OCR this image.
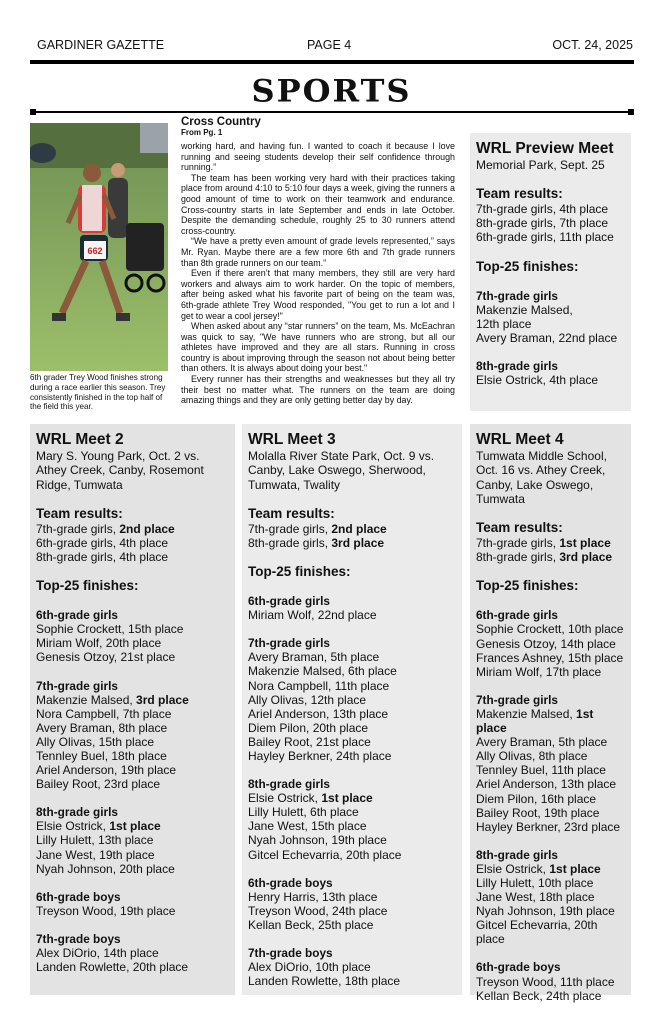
GARDINER GAZETTE	PAGE 4	OCT. 24, 2025
SPORTS
662
6th grader Trey Wood finishes strong during a race earlier this season. Trey consistently finished in the top half of the field this year.
Cross Country
From Pg. 1

working hard, and having fun. I wanted to coach it because I love running and seeing students develop their self confidence through running.”

The team has been working very hard with their practices taking place from around 4:10 to 5:10 four days a week, giving the runners a good amount of time to work on their teamwork and endurance. Cross-country starts in late September and ends in late October. Despite the demanding schedule, roughly 25 to 30 runners attend cross-country.

“We have a pretty even amount of grade levels represented,” says Mr. Ryan. Maybe there are a few more 6th and 7th grade runners than 8th grade runners on our team.”

Even if there aren’t that many members, they still are very hard workers and always aim to work harder. On the topic of members, after being asked what his favorite part of being on the team was, 6th-grade athlete Trey Wood responded, "You get to run a lot and I get to wear a cool jersey!"

When asked about any “star runners” on the team, Ms. McEachran was quick to say, "We have runners who are strong, but all our athletes have improved and they are all stars. Running in cross country is about improving through the season not about being better than others. It is always about doing your best."

Every runner has their strengths and weaknesses but they all try their best no matter what. The runners on the team are doing amazing things and they are only getting better day by day.

WRL Preview Meet
Memorial Park, Sept. 25
Team results:
7th-grade girls, 4th place
8th-grade girls, 7th place
6th-grade girls, 11th place
Top-25 finishes:
7th-grade girls
Makenzie Malsed,
12th place
Avery Braman, 22nd place
8th-grade girls
Elsie Ostrick, 4th place
WRL Meet 2
Mary S. Young Park, Oct. 2 vs.
Athey Creek, Canby, Rosemont
Ridge, Tumwata
Team results:
7th-grade girls, 2nd place
6th-grade girls, 4th place
8th-grade girls, 4th place
Top-25 finishes:
6th-grade girls
Sophie Crockett, 15th place
Miriam Wolf, 20th place
Genesis Otzoy, 21st place
7th-grade girls
Makenzie Malsed, 3rd place
Nora Campbell, 7th place
Avery Braman, 8th place
Ally Olivas, 15th place
Tennley Buel, 18th place
Ariel Anderson, 19th place
Bailey Root, 23rd place
8th-grade girls
Elsie Ostrick, 1st place
Lilly Hulett, 13th place
Jane West, 19th place
Nyah Johnson, 20th place
6th-grade boys
Treyson Wood, 19th place
7th-grade boys
Alex DiOrio, 14th place
Landen Rowlette, 20th place
WRL Meet 3
Molalla River State Park, Oct. 9 vs.
Canby, Lake Oswego, Sherwood,
Tumwata, Twality
Team results:
7th-grade girls, 2nd place
8th-grade girls, 3rd place
Top-25 finishes:
6th-grade girls
Miriam Wolf, 22nd place
7th-grade girls
Avery Braman, 5th place
Makenzie Malsed, 6th place
Nora Campbell, 11th place
Ally Olivas, 12th place
Ariel Anderson, 13th place
Diem Pilon, 20th place
Bailey Root, 21st place
Hayley Berkner, 24th place
8th-grade girls
Elsie Ostrick, 1st place
Lilly Hulett, 6th place
Jane West, 15th place
Nyah Johnson, 19th place
Gitcel Echevarria, 20th place
6th-grade boys
Henry Harris, 13th place
Treyson Wood, 24th place
Kellan Beck, 25th place
7th-grade boys
Alex DiOrio, 10th place
Landen Rowlette, 18th place
WRL Meet 4
Tumwata Middle School,
Oct. 16 vs. Athey Creek,
Canby, Lake Oswego,
Tumwata
Team results:
7th-grade girls, 1st place
8th-grade girls, 3rd place
Top-25 finishes:
6th-grade girls
Sophie Crockett, 10th place
Genesis Otzoy, 14th place
Frances Ashney, 15th place
Miriam Wolf, 17th place
7th-grade girls
Makenzie Malsed, 1st place
Avery Braman, 5th place
Ally Olivas, 8th place
Tennley Buel, 11th place
Ariel Anderson, 13th place
Diem Pilon, 16th place
Bailey Root, 19th place
Hayley Berkner, 23rd place
8th-grade girls
Elsie Ostrick, 1st place
Lilly Hulett, 10th place
Jane West, 18th place
Nyah Johnson, 19th place
Gitcel Echevarria, 20th
place
6th-grade boys
Treyson Wood, 11th place
Kellan Beck, 24th place
